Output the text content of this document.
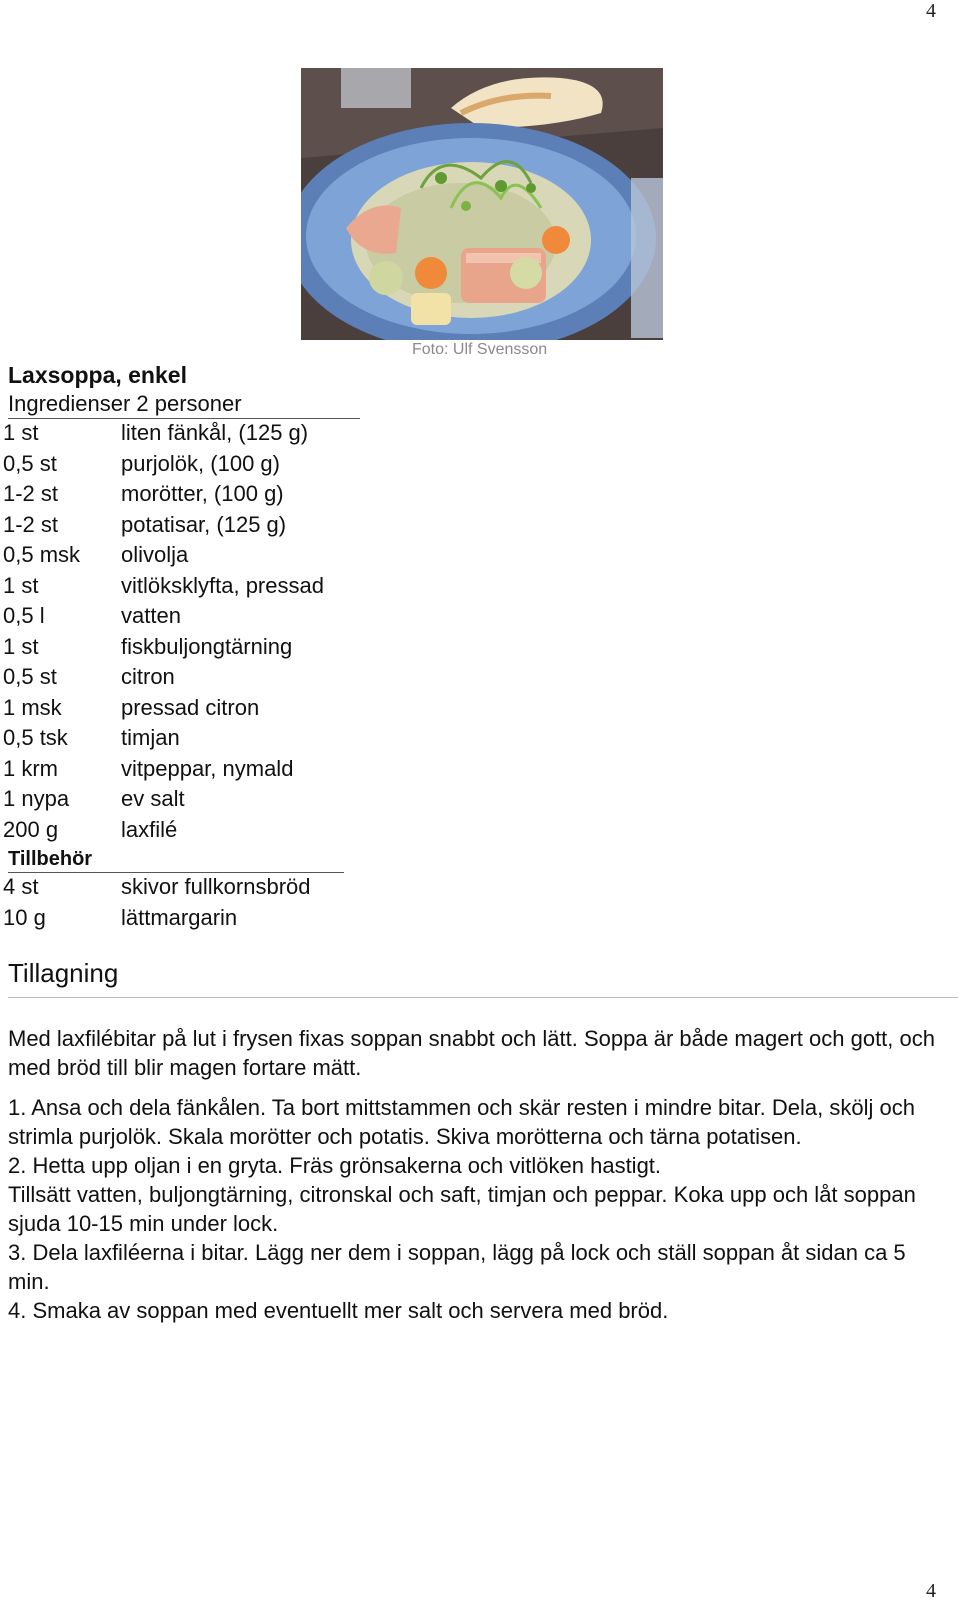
4
Foto: Ulf Svensson
Laxsoppa, enkel
Ingredienser 2 personer
1 st	liten fänkål, (125 g)
0,5 st	purjolök, (100 g)
1-2 st	morötter, (100 g)
1-2 st	potatisar, (125 g)
0,5 msk olivolja
1 st	vitlöksklyfta, pressad
0,5 l	vatten
1 st	fiskbuljongtärning
0,5 st	citron
1 msk	pressad citron
0,5 tsk timjan
1 krm	vitpeppar, nymald
1 nypa ev salt
200 g	laxfilé
Tillbehör
4 st	skivor fullkornsbröd
10 g	lättmargarin
Tillagning

Med laxfilébitar på lut i frysen fixas soppan snabbt och lätt. Soppa är både magert och gott, och med bröd till blir magen fortare mätt.

1. Ansa och dela fänkålen. Ta bort mittstammen och skär resten i mindre bitar. Dela, skölj och strimla purjolök. Skala morötter och potatis. Skiva morötterna och tärna potatisen.

2. Hetta upp oljan i en gryta. Fräs grönsakerna och vitlöken hastigt.

Tillsätt vatten, buljongtärning, citronskal och saft, timjan och peppar. Koka upp och låt soppan sjuda 10-15 min under lock.

3. Dela laxfiléerna i bitar. Lägg ner dem i soppan, lägg på lock och ställ soppan åt sidan ca 5 min.

4. Smaka av soppan med eventuellt mer salt och servera med bröd.

4
